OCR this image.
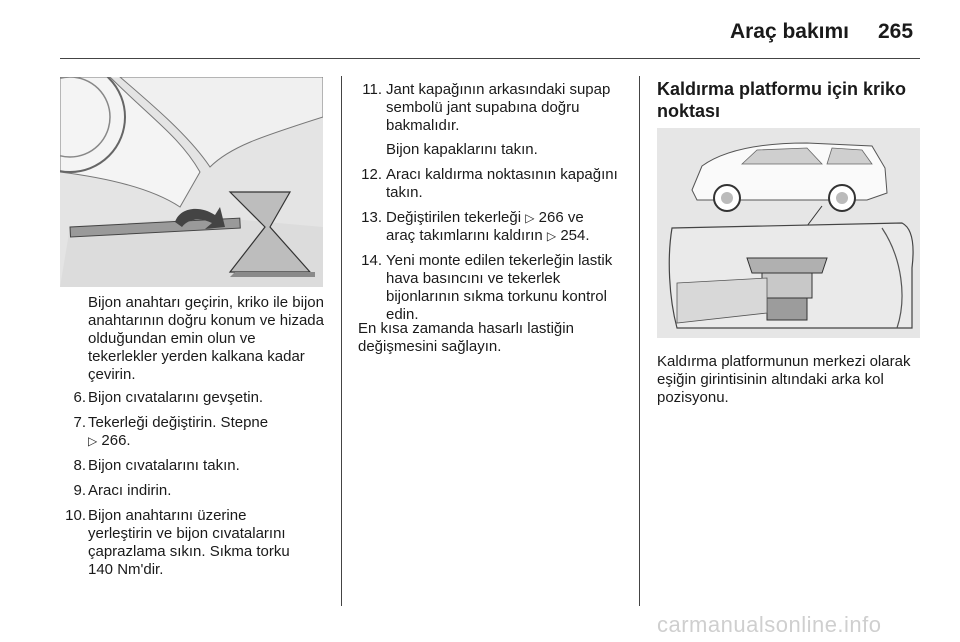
Araç bakımı 265
Bijon anahtarı geçirin, kriko ile bijon anahtarının doğru konum ve hizada olduğundan emin olun ve tekerlekler yerden kalkana kadar çevirin.
6. Bijon cıvatalarını gevşetin.
7. Tekerleği değiştirin. Stepne
▷ 266.
8. Bijon cıvatalarını takın.
9. Aracı indirin.
10. Bijon anahtarını üzerine yerleştirin ve bijon cıvatalarını çaprazlama sıkın. Sıkma torku 140 Nm'dir.
11. Jant kapağının arkasındaki supap sembolü jant supabına doğru bakmalıdır.
Bijon kapaklarını takın.
12. Aracı kaldırma noktasının kapağını takın.
13. Değiştirilen tekerleği ▷ 266 ve
araç takımlarını kaldırın ▷ 254.
14. Yeni monte edilen tekerleğin lastik hava basıncını ve tekerlek bijonlarının sıkma torkunu kontrol edin.
En kısa zamanda hasarlı lastiğin değişmesini sağlayın.
Kaldırma platformu için kriko noktası
Kaldırma platformunun merkezi olarak eşiğin girintisinin altındaki arka kol pozisyonu.
carmanualsonline.info
